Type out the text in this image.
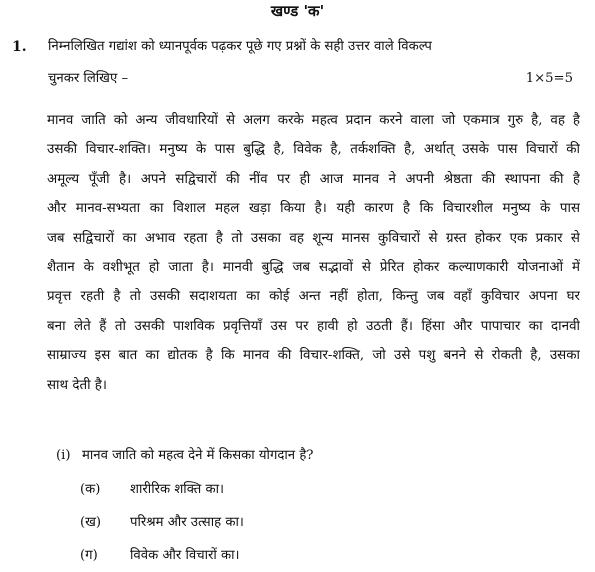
खण्ड 'क'
1. निम्नलिखित गद्यांश को ध्यानपूर्वक पढ़कर पूछे गए प्रश्नों के सही उत्तर वाले विकल्प
चुनकर लिखिए –	1×5=5
मानव जाति को अन्य जीवधारियों से अलग करके महत्व प्रदान करने वाला जो एकमात्र गुरु है, वह है
उसकी विचार-शक्ति। मनुष्य के पास बुद्धि है, विवेक है, तर्कशक्ति है, अर्थात् उसके पास विचारों की
अमूल्य पूँजी है। अपने सद्विचारों की नींव पर ही आज मानव ने अपनी श्रेष्ठता की स्थापना की है
और मानव-सभ्यता का विशाल महल खड़ा किया है। यही कारण है कि विचारशील मनुष्य के पास
जब सद्विचारों का अभाव रहता है तो उसका वह शून्य मानस कुविचारों से ग्रस्त होकर एक प्रकार से
शैतान के वशीभूत हो जाता है। मानवी बुद्धि जब सद्भावों से प्रेरित होकर कल्याणकारी योजनाओं में
प्रवृत्त रहती है तो उसकी सदाशयता का कोई अन्त नहीं होता, किन्तु जब वहाँ कुविचार अपना घर
बना लेते हैं तो उसकी पाशविक प्रवृत्तियाँ उस पर हावी हो उठती हैं। हिंसा और पापाचार का दानवी
साम्राज्य इस बात का द्योतक है कि मानव की विचार-शक्ति, जो उसे पशु बनने से रोकती है, उसका
साथ देती है।
(i) मानव जाति को महत्व देने में किसका योगदान है?
(क) शारीरिक शक्ति का।
(ख) परिश्रम और उत्साह का।
(ग) विवेक और विचारों का।
